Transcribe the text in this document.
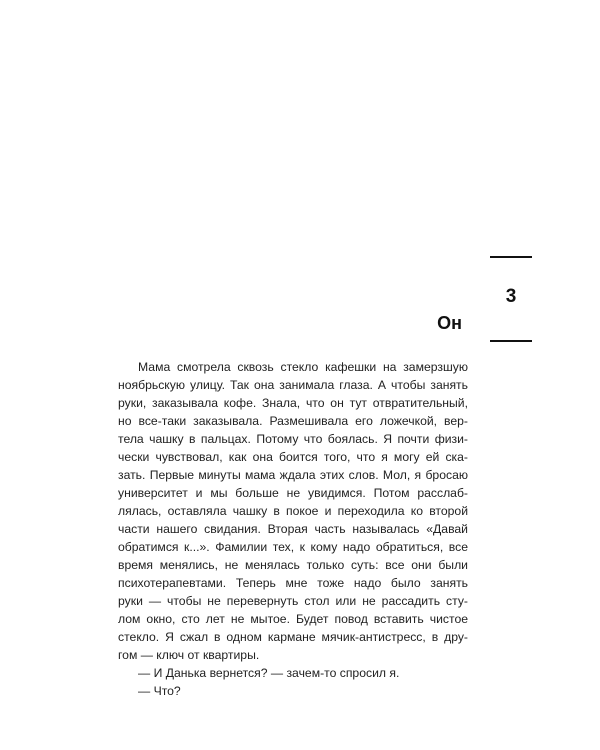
3
Он
Мама смотрела сквозь стекло кафешки на замерзшую
ноябрьскую улицу. Так она занимала глаза. А чтобы занять
руки, заказывала кофе. Знала, что он тут отвратительный,
но все-таки заказывала. Размешивала его ложечкой, вер-
тела чашку в пальцах. Потому что боялась. Я почти физи-
чески чувствовал, как она боится того, что я могу ей ска-
зать. Первые минуты мама ждала этих слов. Мол, я бросаю
университет и мы больше не увидимся. Потом расслаб-
лялась, оставляла чашку в покое и переходила ко второй
части нашего свидания. Вторая часть называлась «Давай
обратимся к...». Фамилии тех, к кому надо обратиться, все
время менялись, не менялась только суть: все они были
психотерапевтами. Теперь мне тоже надо было занять
руки — чтобы не перевернуть стол или не рассадить сту-
лом окно, сто лет не мытое. Будет повод вставить чистое
стекло. Я сжал в одном кармане мячик-антистресс, в дру-
гом — ключ от квартиры.
— И Данька вернется? — зачем-то спросил я.
— Что?
